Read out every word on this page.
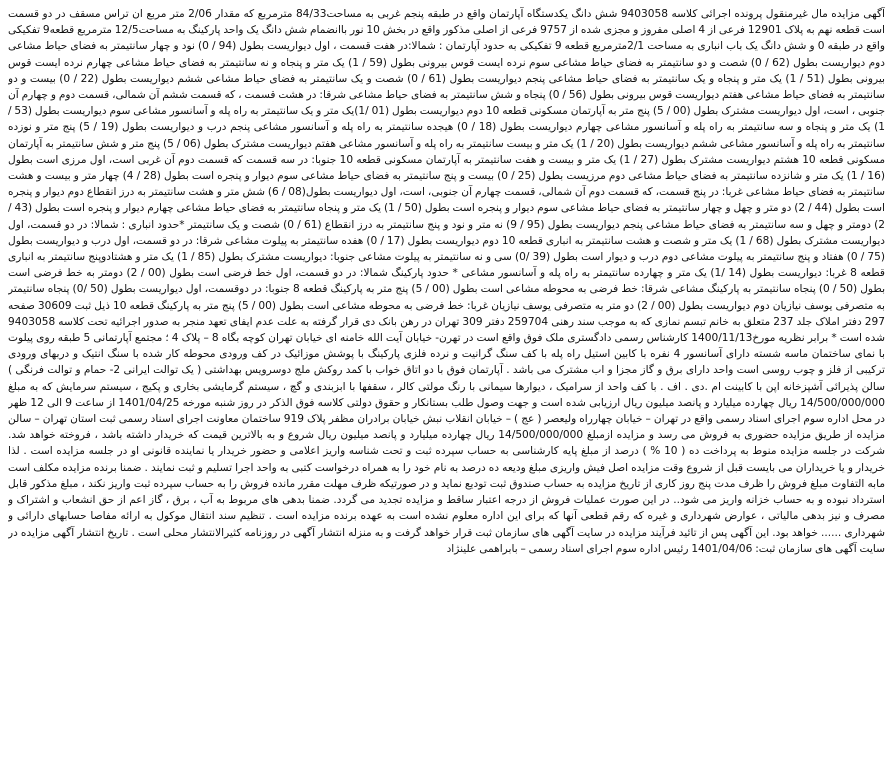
آگهی مزایده مال غیرمنقول پرونده اجرائی کلاسه 9403058 شش دانگ یکدستگاه آپارتمان واقع در طبقه پنجم غربی به مساحت84/33 مترمربع که مقدار 2/06 متر مربع ان تراس مسقف در دو قسمت است قطعه نهم به پلاک 12901 فرعی از 4 اصلی مفروز و مجزی شده از 9757 فرعی از اصلی مذکور واقع در بخش 10 نور باانضمام شش دانگ یک واحد پارکینگ به مساحت12/5 مترمربع قطعه9 تفکیکی واقع در طبقه 0 و شش دانگ یک باب انباری به مساحت 2/1مترمربع قطعه 9 تفکیکی به حدود آپارتمان : شمالا:در هفت قسمت ، اول دیواریست بطول (94 / 0) نود و چهار سانتیمتر به فضای حیاط مشاعی دوم دیواریست بطول (62 / 0) شصت و دو سانتیمتر به فضای حیاط مشاعی سوم نرده ایست قوس بیرونی بطول (59 / 1) یک متر و پنجاه و نه سانتیمتر به فضای حیاط مشاعی چهارم نرده ایست قوس بیرونی بطول (51 / 1) یک متر و پنجاه و یک سانتیمتر به فضای حیاط مشاعی پنجم دیواریست بطول (61 / 0) شصت و یک سانتیمتر به فضای حیاط مشاعی ششم دیواریست بطول (22 / 0) بیست و دو سانتیمتر به فضای حیاط مشاعی هفتم دیواریست قوس بیرونی بطول (56 / 0) پنجاه و شش سانتیمتر به فضای حیاط مشاعی شرقا: در هشت قسمت ، که قسمت ششم آن شمالی، قسمت دوم و چهارم آن جنوبی ، است، اول دیواریست مشترک بطول (00 / 5) پنج متر به آپارتمان مسکونی قطعه 10 دوم دیواریست بطول (01 /1)یک متر و یک سانتیمتر به راه پله و آسانسور مشاعی سوم دیواریست بطول (53 / 1) یک متر و پنجاه و سه سانتیمتر به راه پله و آسانسور مشاعی چهارم دیواریست بطول (18 / 0) هیجده سانتیمتر به راه پله و آسانسور مشاعی پنجم درب و دیواریست بطول (19 / 5) پنج متر و نوزده سانتیمتر به راه پله و آسانسور مشاعی ششم دیواریست بطول (20 / 1) یک متر و بیست سانتیمتر به راه پله و آسانسور مشاعی هفتم دیواریست مشترک بطول (06 / 5) پنج متر و شش سانتیمتر به آپارتمان مسکونی قطعه 10 هشتم دیواریست مشترک بطول (27 / 1) یک متر و بیست و هفت سانتیمتر به آپارتمان مسکونی قطعه 10 جنوبا: در سه قسمت که قسمت دوم آن غربی است، اول مرزی است بطول (16 / 1) یک متر و شانزده سانتیمتر به فضای حیاط مشاعی دوم مرزیست بطول (25 / 0) بیست و پنج سانتیمتر به فضای حیاط مشاعی سوم دیوار و پنجره است بطول (28 / 4) چهار متر و بیست و هشت سانتیمتر به فضای حیاط مشاعی غربا: در پنج قسمت، که قسمت دوم آن شمالی، قسمت چهارم آن جنوبی، است، اول دیواریست بطول(08 / 6) شش متر و هشت سانتیمتر به درز انقطاع دوم دیوار و پنجره است بطول (44 / 2) دو متر و چهل و چهار سانتیمتر به فضای حیاط مشاعی سوم دیوار و پنجره است بطول (50 / 1) یک متر و پنجاه سانتیمتر به فضای حیاط مشاعی چهارم دیوار و پنجره است بطول (43 / 2) دومتر و چهل و سه سانتیمتر به فضای حیاط مشاعی پنجم دیواریست بطول (95 / 9) نه متر و نود و پنج سانتیمتر به درز انقطاع (61 / 0) شصت و یک سانتیمتر *حدود انباری : شمالا: در دو قسمت، اول دیواریست مشترک بطول (68 / 1) یک متر و شصت و هشت سانتیمتر به انباری قطعه 10 دوم دیواریست بطول (17 / 0) هفده سانتیمتر به پیلوت مشاعی شرقا: در دو قسمت، اول درب و دیواریست بطول (75 / 0) هفتاد و پنج سانتیمتر به پیلوت مشاعی دوم درب و دیوار است بطول (39 /0) سی و نه سانتیمتر به پیلوت مشاعی جنوبا: دیواریست مشترک بطول (85 / 1) یک متر و هشتادوپنج سانتیمتر به انباری قطعه 8 غربا: دیواریست بطول (14 /1) یک متر و چهارده سانتیمتر به راه پله و آسانسور مشاعی * حدود پارکینگ شمالا: در دو قسمت، اول خط فرضی است بطول (00 / 2) دومتر به خط فرضی است بطول (50 / 0) پنجاه سانتیمتر به پارکینگ مشاعی شرقا: خط فرضی به محوطه مشاعی است بطول (00 / 5) پنج متر به پارکینگ قطعه 8 جنوبا: در دوقسمت، اول دیواریست بطول (50 /0) پنجاه سانتیمتر به متصرفی یوسف نیازیان دوم دیواریست بطول (00 / 2) دو متر به متصرفی یوسف نیازیان غربا: خط فرضی به محوطه مشاعی است بطول (00 / 5) پنج متر به پارکینگ قطعه 10 ذیل ثبت 30609 صفحه 297 دفتر املاک جلد 237 متعلق به خانم تبسم نمازی که به موجب سند رهنی 259704 دفتر 309 تهران در رهن بانک دی قرار گرفته به علت عدم ایفای تعهد منجر به صدور اجرائیه تحت کلاسه 9403058 شده است * برابر نظریه مورخ1400/11/13 کارشناس رسمی دادگستری ملک فوق واقع است در تهرن- خیابان آیت الله خامنه ای خیابان تهران کوچه بگاه 8 – پلاک 4 ؛ مجتمع آپارتمانی 5 طبقه روی پیلوت با نمای ساختمان ماسه شسته دارای آسانسور 4 نفره با کابین استیل راه پله با کف سنگ گرانیت و نرده فلزی پارکینگ با پوشش موزائیک در کف ورودی محوطه کار شده با سنگ انتیک و دربهای ورودی ترکیبی از فلز و چوب روسی است واحد دارای برق و گاز مجزا و اب مشترک می باشد . آپارتمان فوق با دو اتاق خواب با کمد روکش ملج دوسرویس بهداشتی ( یک توالت ایرانی 2- حمام و توالت فرنگی ) سالن پذیرائی آشپزخانه اپن با کابینت ام .دی . اف . با کف واحد از سرامیک ، دیوارها سیمانی با رنگ مولتی کالر ، سقفها با ابزبندی و گچ ، سیستم گرمایشی بخاری و پکیج ، سیستم سرمایش که به مبلغ 14/500/000/000 ریال چهارده میلیارد و پانصد میلیون ریال ارزیابی شده است و جهت وصول طلب بستانکار و حقوق دولتی کلاسه فوق الذکر در روز شنبه مورخه 1401/04/25 از ساعت 9 الی 12 ظهر در محل اداره سوم اجرای اسناد رسمی واقع در تهران – خیابان چهارراه ولیعصر ( عج ) – خیابان انقلاب نبش خیابان برادران مظفر پلاک 919 ساختمان معاونت اجرای اسناد رسمی ثبت استان تهران – سالن مزایده از طریق مزایده حضوری به فروش می رسد و مزایده ازمبلغ 14/500/000/000 ریال چهارده میلیارد و پانصد میلیون ریال شروع و به بالاترین قیمت که خریدار داشته باشد ، فروخته خواهد شد. شرکت در جلسه مزایده منوط به پرداخت ده ( 10 % ) درصد از مبلغ پایه کارشناسی به حساب سپرده ثبت و تحت شناسه واریز اعلامی و حضور خریدار یا نماینده قانونی او در جلسه مزایده است . لذا خریدار و یا خریداران می بایست قبل از شروع وقت مزایده اصل فیش واریزی مبلغ ودیعه ده درصد به نام خود را به همراه درخواست کتبی به واحد اجرا تسلیم و ثبت نمایند . ضمنا برنده مزایده مکلف است مابه التفاوت مبلغ فروش را ظرف مدت پنج روز کاری از تاریخ مزایده به حساب صندوق ثبت تودیع نماید و در صورتیکه ظرف مهلت مقرر مانده فروش را به حساب سپرده ثبت واریز نکند ، مبلغ مذکور قابل استرداد نبوده و به حساب خزانه واریز می شود.. در این صورت عملیات فروش از درجه اعتبار ساقط و مزایده تجدید می گردد. ضمنا بدهی های مربوط به آب ، برق ، گاز اعم از حق انشعاب و اشتراک و مصرف و نیز بدهی مالیاتی ، عوارض شهرداری و غیره که رقم قطعی آنها که برای این اداره معلوم نشده است به عهده برنده مزایده است . تنظیم سند انتقال موکول به ارائه مفاصا حسابهای دارائی و شهرداری ...... خواهد بود. این آگهی پس از تائید فرآیند مزایده در سایت آگهی های سازمان ثبت قرار خواهد گرفت و به منزله انتشار آگهی در روزنامه کثیرالانتشار محلی است . تاریخ انتشار آگهی مزایده در سایت آگهی های سازمان ثبت: 1401/04/06 رئیس اداره سوم اجرای اسناد رسمی – بابراهمی علینژاد
